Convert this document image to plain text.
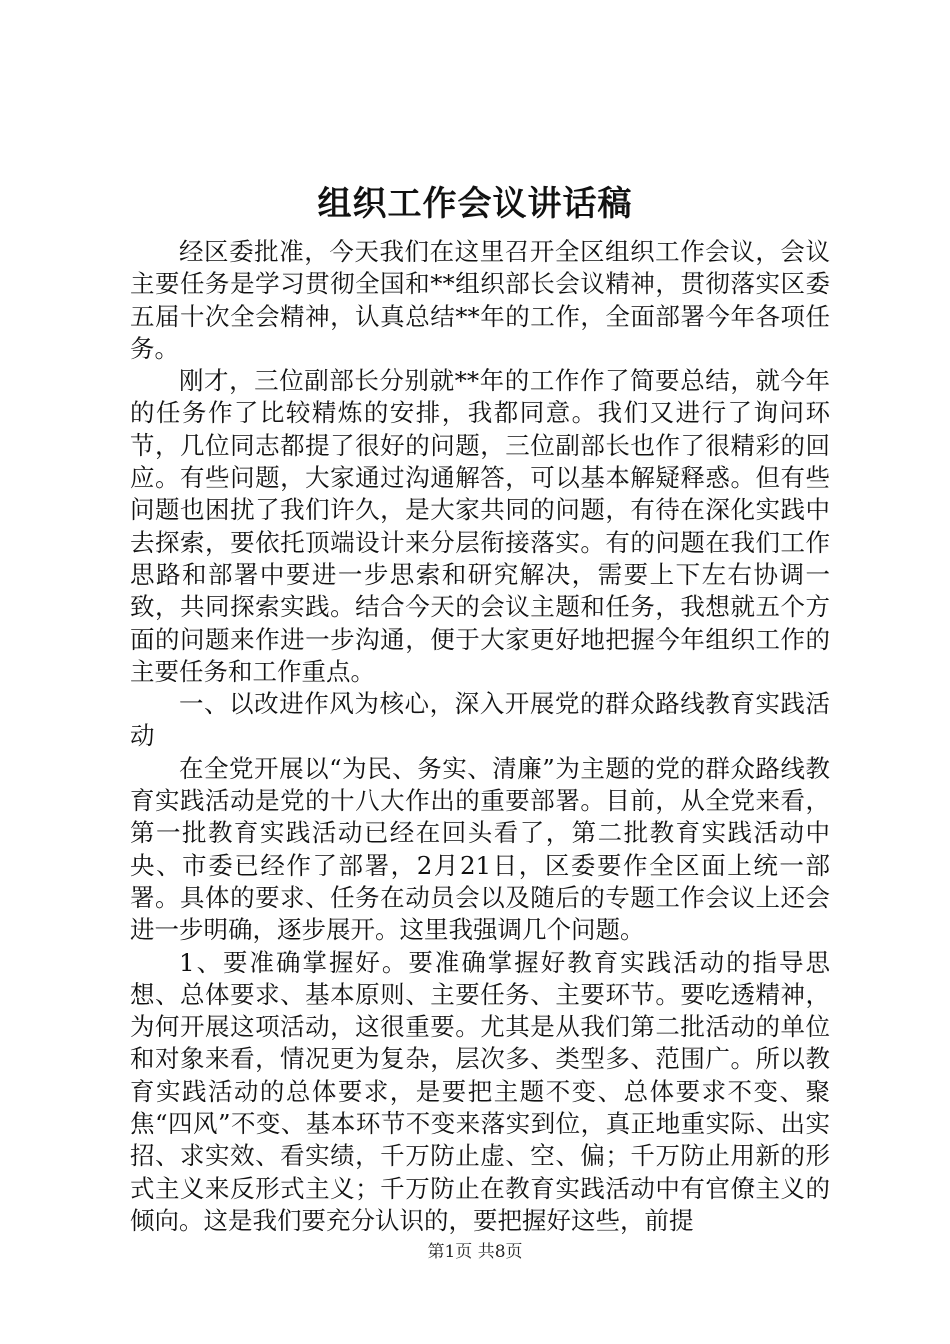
组织工作会议讲话稿

经区委批准，今天我们在这里召开全区组织工作会议，会议主要任务是学习贯彻全国和**组织部长会议精神，贯彻落实区委五届十次全会精神，认真总结**年的工作，全面部署今年各项任务。

刚才，三位副部长分别就**年的工作作了简要总结，就今年的任务作了比较精炼的安排，我都同意。我们又进行了询问环节，几位同志都提了很好的问题，三位副部长也作了很精彩的回应。有些问题，大家通过沟通解答，可以基本解疑释惑。但有些问题也困扰了我们许久，是大家共同的问题，有待在深化实践中去探索，要依托顶端设计来分层衔接落实。有的问题在我们工作思路和部署中要进一步思索和研究解决，需要上下左右协调一致，共同探索实践。结合今天的会议主题和任务，我想就五个方面的问题来作进一步沟通，便于大家更好地把握今年组织工作的主要任务和工作重点。

一、以改进作风为核心，深入开展党的群众路线教育实践活动

在全党开展以“为民、务实、清廉”为主题的党的群众路线教育实践活动是党的十八大作出的重要部署。目前，从全党来看，第一批教育实践活动已经在回头看了，第二批教育实践活动中央、市委已经作了部署，2月21日，区委要作全区面上统一部署。具体的要求、任务在动员会以及随后的专题工作会议上还会进一步明确，逐步展开。这里我强调几个问题。

1、要准确掌握好。要准确掌握好教育实践活动的指导思想、总体要求、基本原则、主要任务、主要环节。要吃透精神，为何开展这项活动，这很重要。尤其是从我们第二批活动的单位和对象来看，情况更为复杂，层次多、类型多、范围广。所以教育实践活动的总体要求，是要把主题不变、总体要求不变、聚焦“四风”不变、基本环节不变来落实到位，真正地重实际、出实招、求实效、看实绩，千万防止虚、空、偏；千万防止用新的形式主义来反形式主义；千万防止在教育实践活动中有官僚主义的倾向。这是我们要充分认识的，要把握好这些，前提

第1页 共8页
